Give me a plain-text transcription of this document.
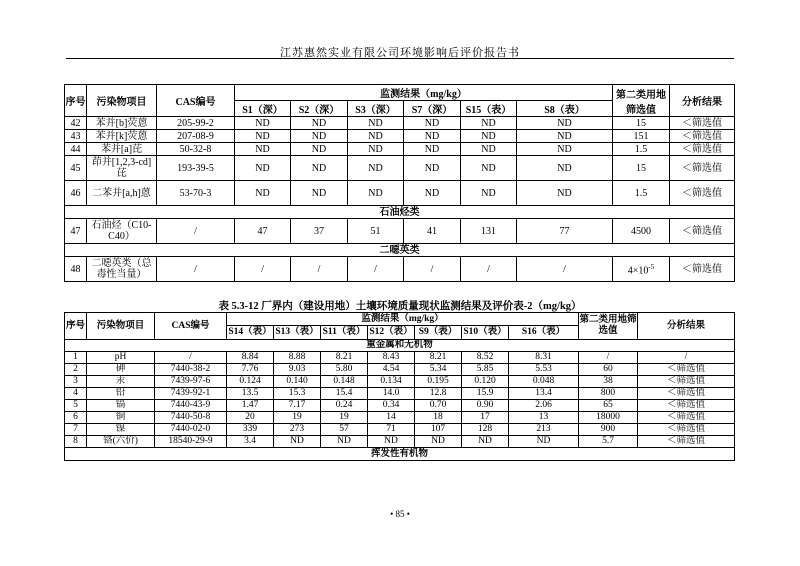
江苏惠然实业有限公司环境影响后评价报告书
序号	污染物项目	CAS编号	监测结果（mg/kg）						第二类用地筛选值	分析结果
			S1（深）	S2（深）	S3（深）	S7（深）	S15（表）	S8（表）		
42	苯并[b]荧蒽	205-99-2	ND	ND	ND	ND	ND	ND	15	＜筛选值
43	苯并[k]荧蒽	207-08-9	ND	ND	ND	ND	ND	ND	151	＜筛选值
44	苯并[a]芘	50-32-8	ND	ND	ND	ND	ND	ND	1.5	＜筛选值
45	茚并[1,2,3-cd]芘	193-39-5	ND	ND	ND	ND	ND	ND	15	＜筛选值
46	二苯并[a,h]蒽	53-70-3	ND	ND	ND	ND	ND	ND	1.5	＜筛选值
石油烃类										
47	石油烃（C10-C40）	/	47	37	51	41	131	77	4500	＜筛选值
二噁英类										
48	二噁英类（总毒性当量）	/	/	/	/	/	/	/	$4\times 10^{-5}$	＜筛选值
表 5.3-12 厂界内（建设用地）土壤环境质量现状监测结果及评价表-2（mg/kg）
序号	污染物项目	CAS编号	监测结果（mg/kg）							第二类用地筛选值	分析结果
			S14（表）	S13（表）	S11（表）	S12（表）	S9（表）	S10（表）	S16（表）		
重金属和无机物											
1	pH	/	8.84	8.88	8.21	8.43	8.21	8.52	8.31	/	/
2	砷	7440-38-2	7.76	9.03	5.80	4.54	5.34	5.85	5.53	60	＜筛选值
3	汞	7439-97-6	0.124	0.140	0.148	0.134	0.195	0.120	0.048	38	＜筛选值
4	铅	7439-92-1	13.5	15.3	15.4	14.0	12.8	15.9	13.4	800	＜筛选值
5	镉	7440-43-9	1.47	7.17	0.24	0.34	0.70	0.90	2.06	65	＜筛选值
6	铜	7440-50-8	20	19	19	14	18	17	13	18000	＜筛选值
7	镍	7440-02-0	339	273	57	71	107	128	213	900	＜筛选值
8	铬(六价)	18540-29-9	3.4	ND	ND	ND	ND	ND	ND	5.7	＜筛选值
挥发性有机物											
• 85 •
